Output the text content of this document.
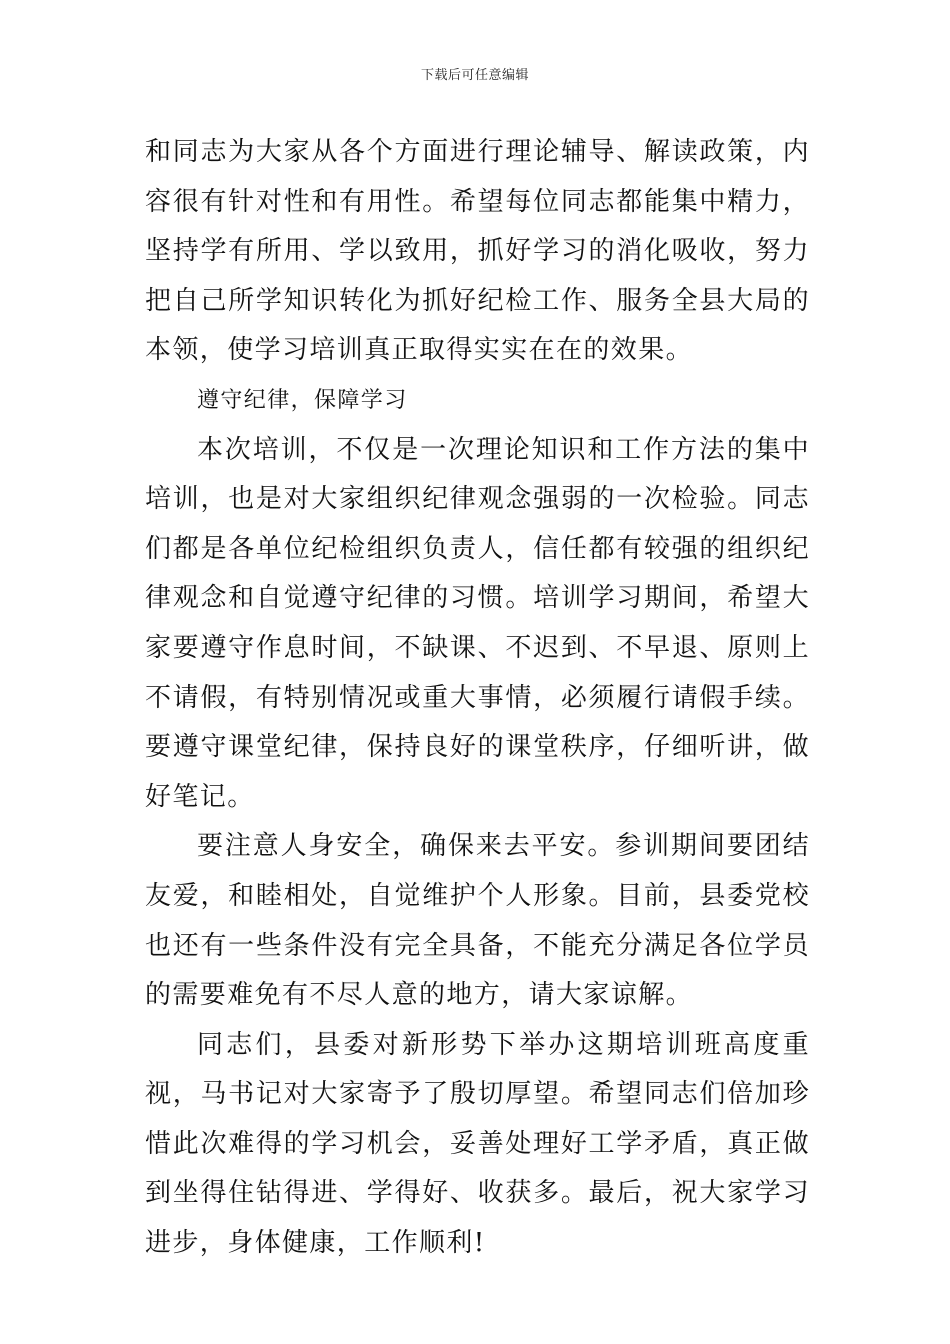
下载后可任意编辑

和同志为大家从各个方面进行理论辅导、解读政策，内容很有针对性和有用性。希望每位同志都能集中精力，坚持学有所用、学以致用，抓好学习的消化吸收，努力把自己所学知识转化为抓好纪检工作、服务全县大局的本领，使学习培训真正取得实实在在的效果。

遵守纪律，保障学习

本次培训，不仅是一次理论知识和工作方法的集中培训，也是对大家组织纪律观念强弱的一次检验。同志们都是各单位纪检组织负责人，信任都有较强的组织纪律观念和自觉遵守纪律的习惯。培训学习期间，希望大家要遵守作息时间，不缺课、不迟到、不早退、原则上不请假，有特别情况或重大事情，必须履行请假手续。要遵守课堂纪律，保持良好的课堂秩序，仔细听讲，做好笔记。

要注意人身安全，确保来去平安。参训期间要团结友爱，和睦相处，自觉维护个人形象。目前，县委党校也还有一些条件没有完全具备，不能充分满足各位学员的需要难免有不尽人意的地方，请大家谅解。

同志们，县委对新形势下举办这期培训班高度重视，马书记对大家寄予了殷切厚望。希望同志们倍加珍惜此次难得的学习机会，妥善处理好工学矛盾，真正做到坐得住钻得进、学得好、收获多。最后，祝大家学习进步，身体健康，工作顺利!
